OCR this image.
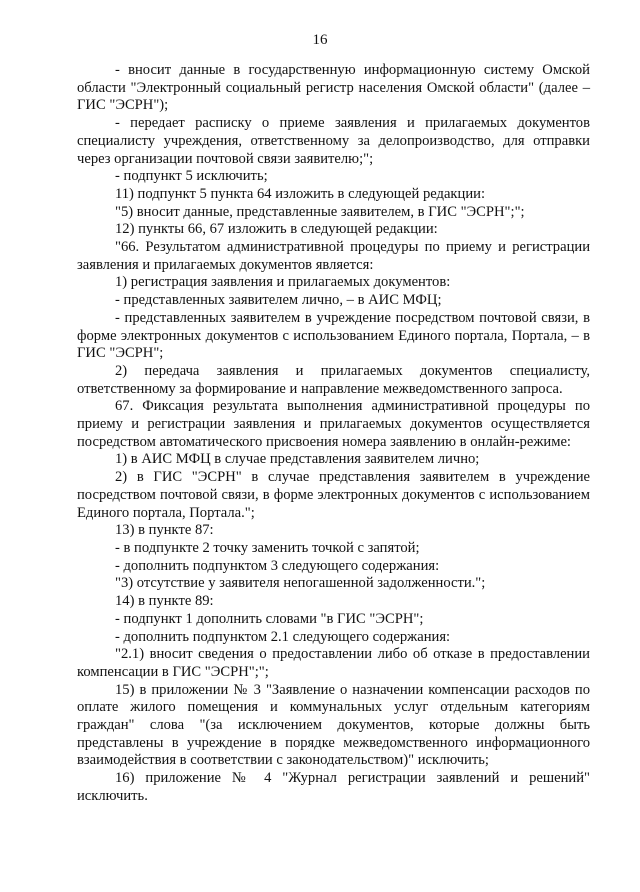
16

- вносит данные в государственную информационную систему Омской области "Электронный социальный регистр населения Омской области" (далее – ГИС "ЭСРН");

- передает расписку о приеме заявления и прилагаемых документов специалисту учреждения, ответственному за делопроизводство, для отправки через организации почтовой связи заявителю;";

- подпункт 5 исключить;

11) подпункт 5 пункта 64 изложить в следующей редакции:

"5) вносит данные, представленные заявителем, в ГИС "ЭСРН";";

12) пункты 66, 67 изложить в следующей редакции:

"66. Результатом административной процедуры по приему и регистрации заявления и прилагаемых документов является:

1) регистрация заявления и прилагаемых документов:

- представленных заявителем лично, – в АИС МФЦ;

- представленных заявителем в учреждение посредством почтовой связи, в форме электронных документов с использованием Единого портала, Портала, – в ГИС "ЭСРН";

2) передача заявления и прилагаемых документов специалисту, ответственному за формирование и направление межведомственного запроса.

67. Фиксация результата выполнения административной процедуры по приему и регистрации заявления и прилагаемых документов осуществляется посредством автоматического присвоения номера заявлению в онлайн-режиме:

1) в АИС МФЦ в случае представления заявителем лично;

2) в ГИС "ЭСРН" в случае представления заявителем в учреждение посредством почтовой связи, в форме электронных документов с использованием Единого портала, Портала.";

13) в пункте 87:

- в подпункте 2 точку заменить точкой с запятой;

- дополнить подпунктом 3 следующего содержания:

"3) отсутствие у заявителя непогашенной задолженности.";

14) в пункте 89:

- подпункт 1 дополнить словами "в ГИС "ЭСРН";

- дополнить подпунктом 2.1 следующего содержания:

"2.1) вносит сведения о предоставлении либо об отказе в предоставлении компенсации в ГИС "ЭСРН";";

15) в приложении № 3 "Заявление о назначении компенсации расходов по оплате жилого помещения и коммунальных услуг отдельным категориям граждан" слова "(за исключением документов, которые должны быть представлены в учреждение в порядке межведомственного информационного взаимодействия в соответствии с законодательством)" исключить;

16) приложение № 4 "Журнал регистрации заявлений и решений" исключить.
